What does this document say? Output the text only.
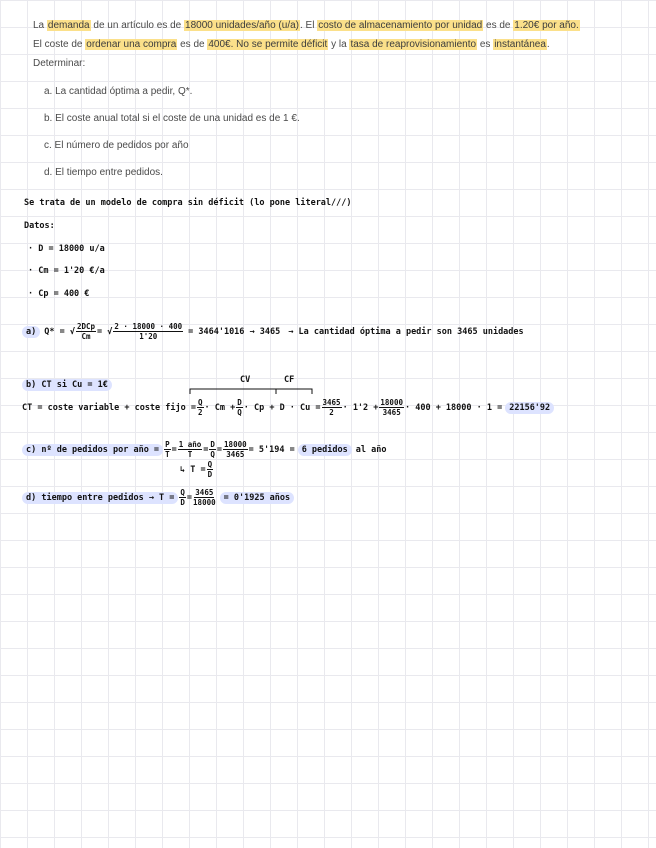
La demanda de un artículo es de 18000 unidades/año (u/a). El costo de almacenamiento por unidad es de 1.20€ por año.

El coste de ordenar una compra es de 400€. No se permite déficit y la tasa de reaprovisionamiento es instantánea.

Determinar:

a. La cantidad óptima a pedir, Q*.

b. El coste anual total si el coste de una unidad es de 1 €.

c. El número de pedidos por año

d. El tiempo entre pedidos.

Se trata de un modelo de compra sin déficit (lo pone literal///)
Datos:
· D = 18000 u/a
· Cm = 1'20 €/a
· Cp = 400 €
a) Q* = √ $\frac{\text{2DCp}}{Cm}$ = √ $\frac{2 \cdot 18000 \cdot 400}{1'20} = 3464'1016 \to 3465 \to La$ cantidad óptima a pedir son 3465 unidades
b) CT si Cu = 1€	CV	CF
CT = coste variable + coste fijo = $\frac{Q}{2} \cdot Cm + \frac{D}{Q} \cdot Cp + D \cdot Cu = \frac{3465}{2} \cdot 1'2 + \frac{18000}{3465} \cdot 400 + 18000 \cdot 1 = 22156'92$
c) nº de pedidos por año = $\frac{P}{T} = \frac{\text{1 año}}{T} = \frac{D}{Q} = \frac{18000}{3465} = 5'194 = 6$ pedidos al año
↳ $T = \frac{Q}{D}$
d) tiempo entre pedidos → $T = \frac{Q}{D} = \frac{3465}{18000} = 0'1925$ años
